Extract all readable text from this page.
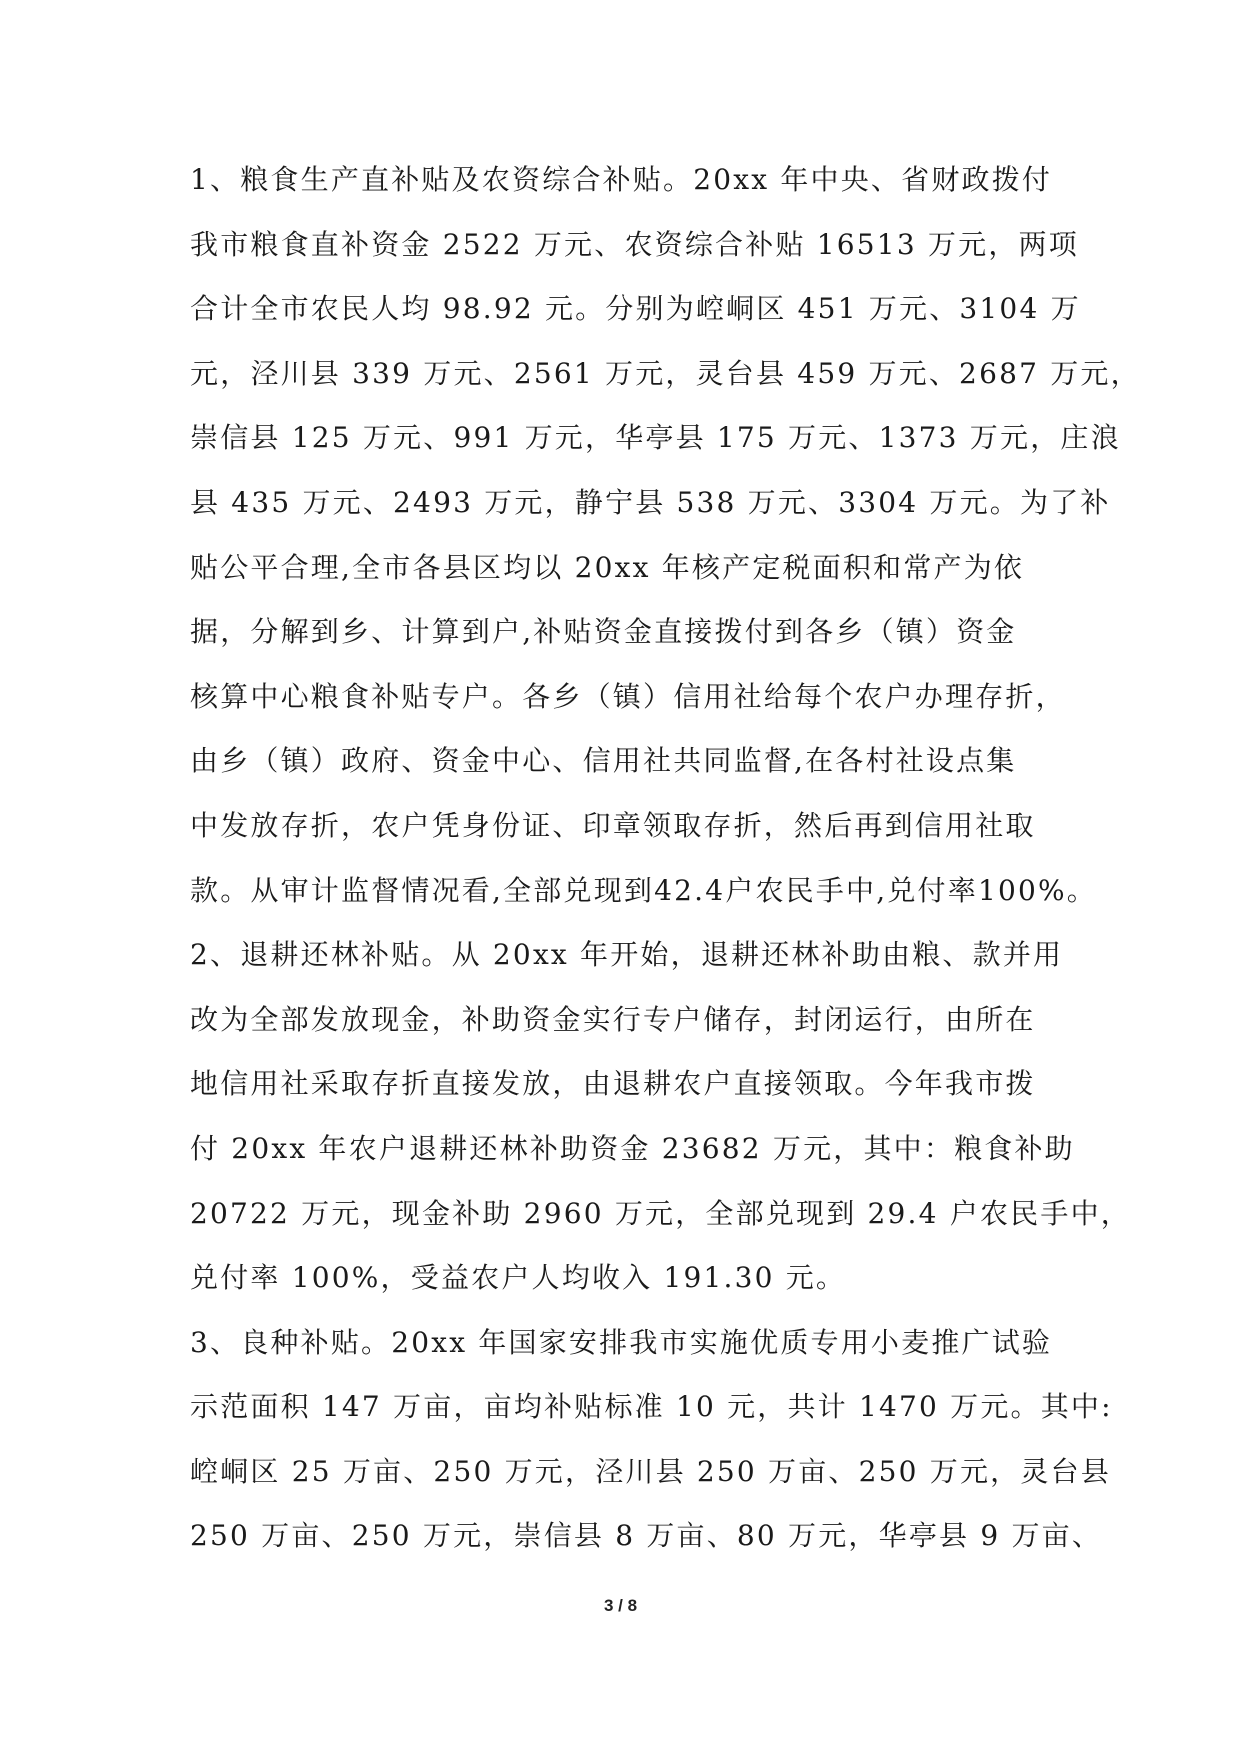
1、粮食生产直补贴及农资综合补贴。20xx 年中央、省财政拨付
我市粮食直补资金 2522 万元、农资综合补贴 16513 万元，两项
合计全市农民人均 98.92 元。分别为崆峒区 451 万元、3104 万
元，泾川县 339 万元、2561 万元，灵台县 459 万元、2687 万元，
崇信县 125 万元、991 万元，华亭县 175 万元、1373 万元，庄浪
县 435 万元、2493 万元，静宁县 538 万元、3304 万元。为了补
贴公平合理,全市各县区均以 20xx 年核产定税面积和常产为依
据，分解到乡、计算到户,补贴资金直接拨付到各乡（镇）资金
核算中心粮食补贴专户。各乡（镇）信用社给每个农户办理存折，
由乡（镇）政府、资金中心、信用社共同监督,在各村社设点集
中发放存折，农户凭身份证、印章领取存折，然后再到信用社取
款。从审计监督情况看,全部兑现到42.4户农民手中,兑付率100%。
2、退耕还林补贴。从 20xx 年开始，退耕还林补助由粮、款并用
改为全部发放现金，补助资金实行专户储存，封闭运行，由所在
地信用社采取存折直接发放，由退耕农户直接领取。今年我市拨
付 20xx 年农户退耕还林补助资金 23682 万元，其中：粮食补助
20722 万元，现金补助 2960 万元，全部兑现到 29.4 户农民手中，
兑付率 100%，受益农户人均收入 191.30 元。
3、良种补贴。20xx 年国家安排我市实施优质专用小麦推广试验
示范面积 147 万亩，亩均补贴标准 10 元，共计 1470 万元。其中:
崆峒区 25 万亩、250 万元，泾川县 250 万亩、250 万元，灵台县
250 万亩、250 万元，崇信县 8 万亩、80 万元，华亭县 9 万亩、
3 / 8
